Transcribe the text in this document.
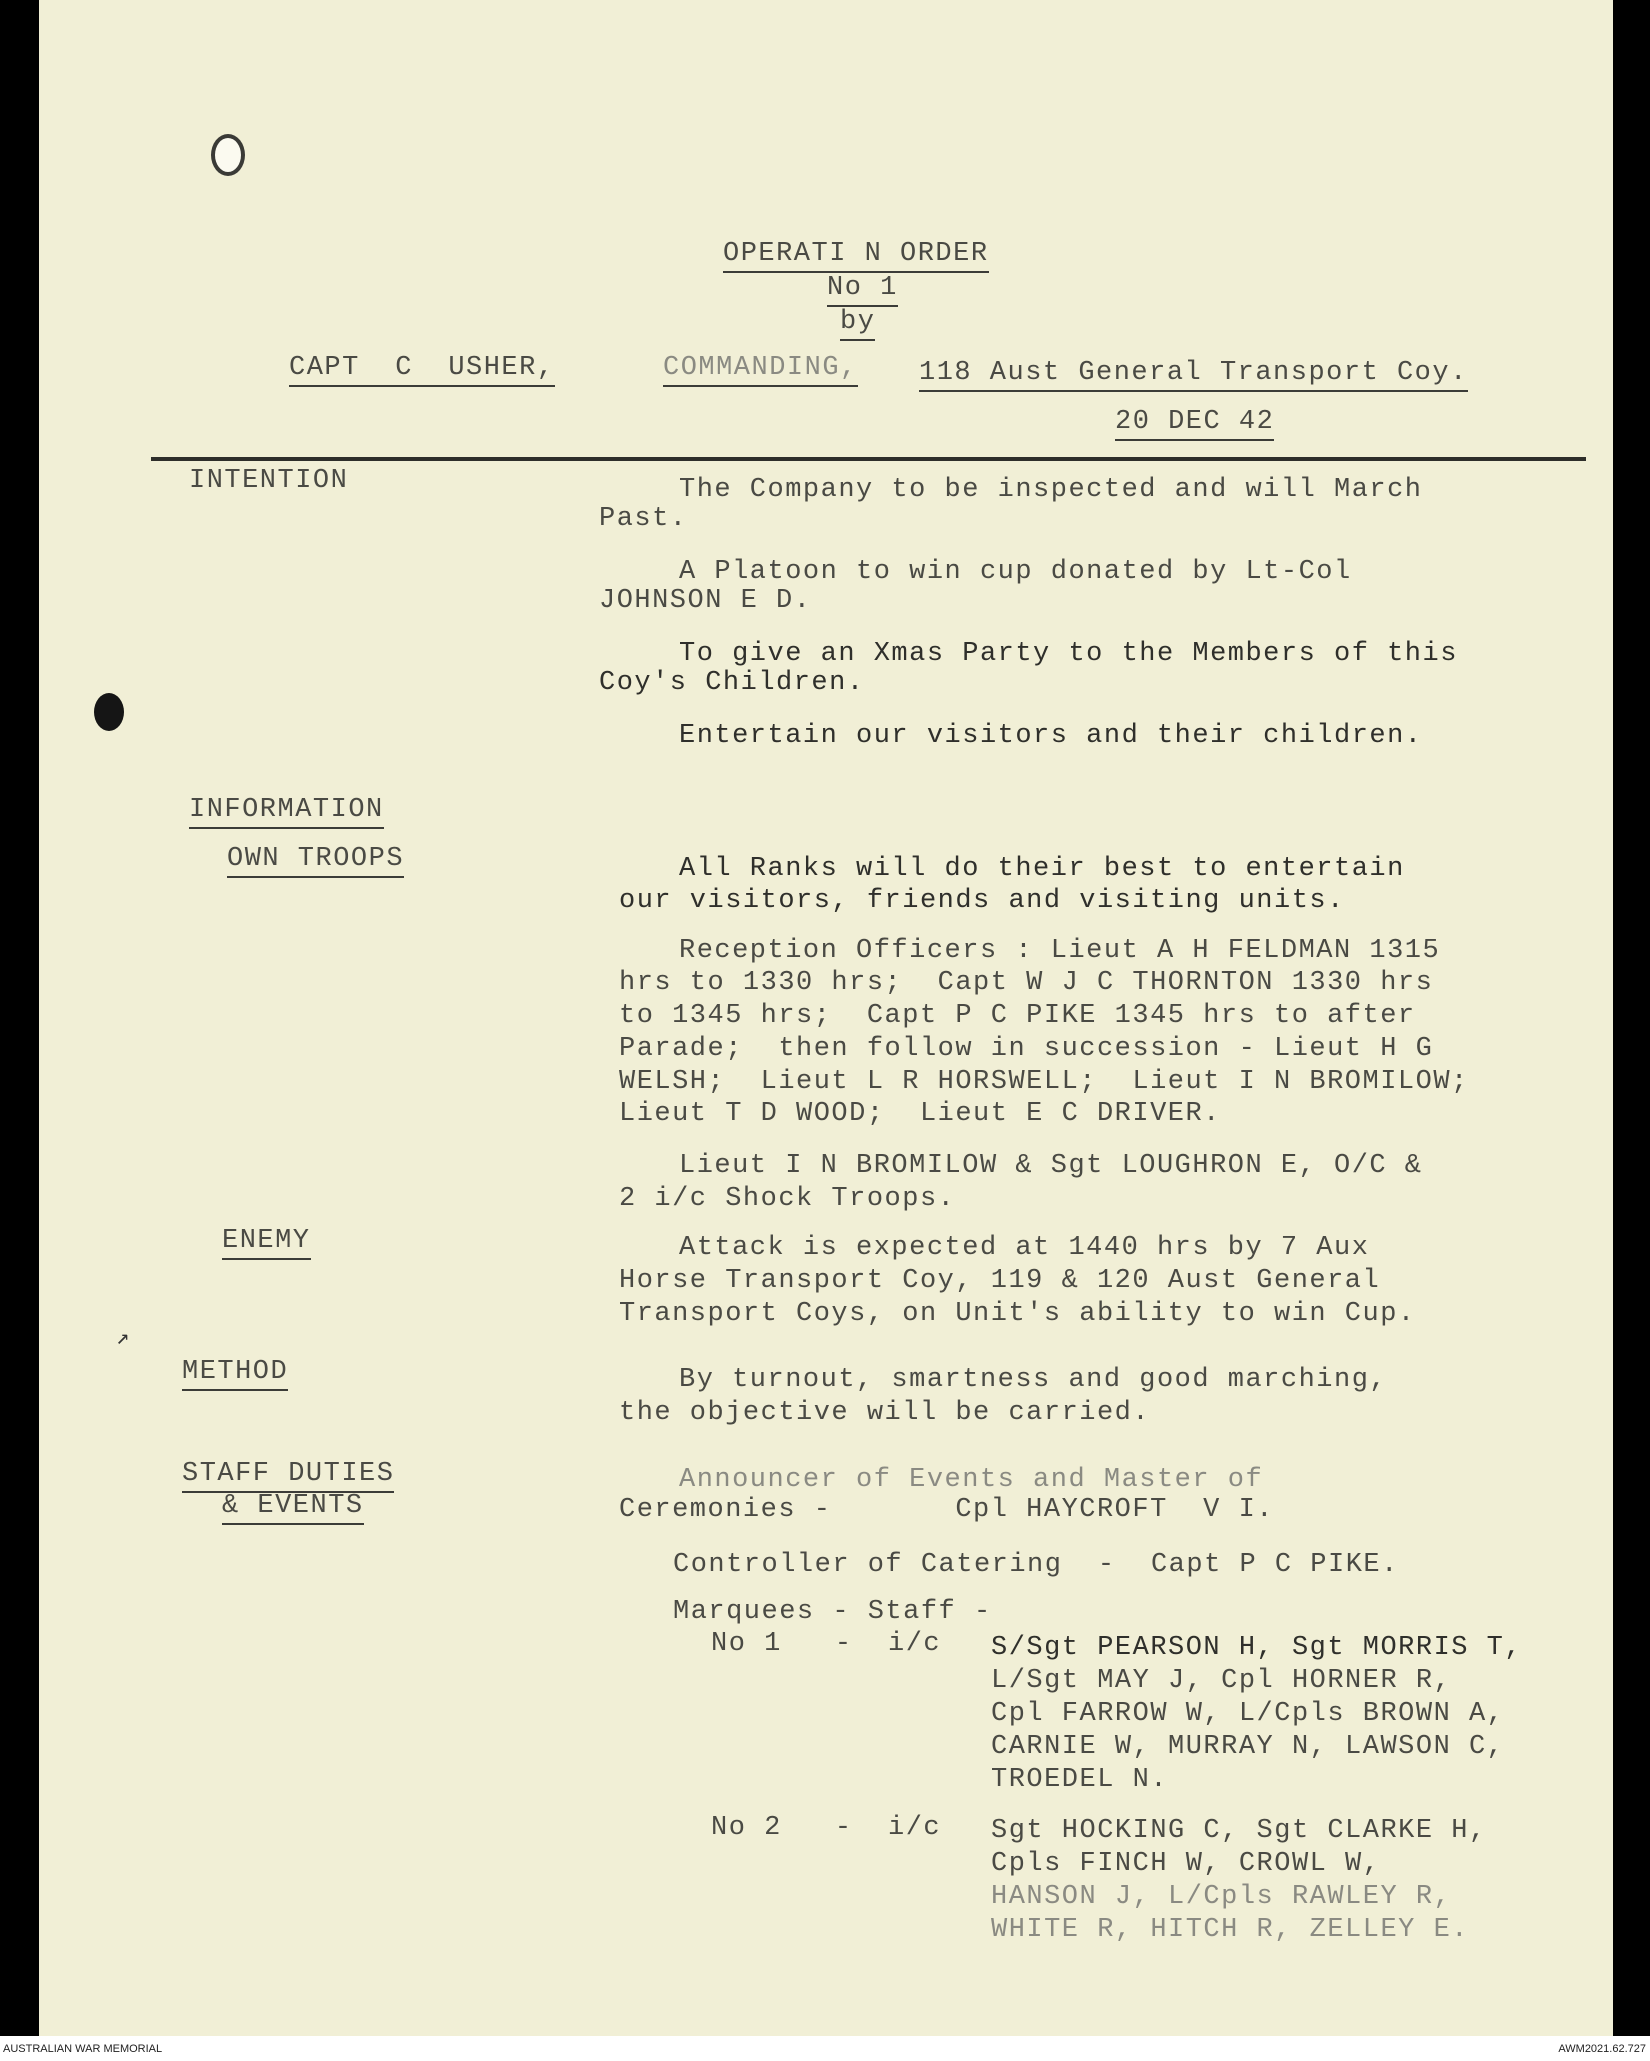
↗
OPERATI N ORDER
No 1
by
CAPT  C  USHER,	COMMANDING, 118 Aust General Transport Coy.
20 DEC 42
INTENTION
INFORMATION
OWN TROOPS
ENEMY
METHOD
STAFF DUTIES
& EVENTS
The Company to be inspected and will March
Past.
A Platoon to win cup donated by Lt-Col
JOHNSON E D.
To give an Xmas Party to the Members of this
Coy's Children.
Entertain our visitors and their children.
All Ranks will do their best to entertain
our visitors, friends and visiting units.
Reception Officers : Lieut A H FELDMAN 1315
hrs to 1330 hrs;  Capt W J C THORNTON 1330 hrs
to 1345 hrs;  Capt P C PIKE 1345 hrs to after
Parade;  then follow in succession - Lieut H G
WELSH;  Lieut L R HORSWELL;  Lieut I N BROMILOW;
Lieut T D WOOD;  Lieut E C DRIVER.
Lieut I N BROMILOW & Sgt LOUGHRON E, O/C &
2 i/c Shock Troops.
Attack is expected at 1440 hrs by 7 Aux
Horse Transport Coy, 119 & 120 Aust General
Transport Coys, on Unit's ability to win Cup.
By turnout, smartness and good marching,
the objective will be carried.
Announcer of Events and Master of
Ceremonies -       Cpl HAYCROFT  V I.
Controller of Catering  -  Capt P C PIKE.
Marquees - Staff -
No 1   -  i/c S/Sgt PEARSON H, Sgt MORRIS T,
L/Sgt MAY J, Cpl HORNER R,
Cpl FARROW W, L/Cpls BROWN A,
CARNIE W, MURRAY N, LAWSON C,
TROEDEL N.
No 2   -  i/c Sgt HOCKING C, Sgt CLARKE H,
Cpls FINCH W, CROWL W,
HANSON J, L/Cpls RAWLEY R,
WHITE R, HITCH R, ZELLEY E.
AUSTRALIAN WAR MEMORIAL	AWM2021.62.727
